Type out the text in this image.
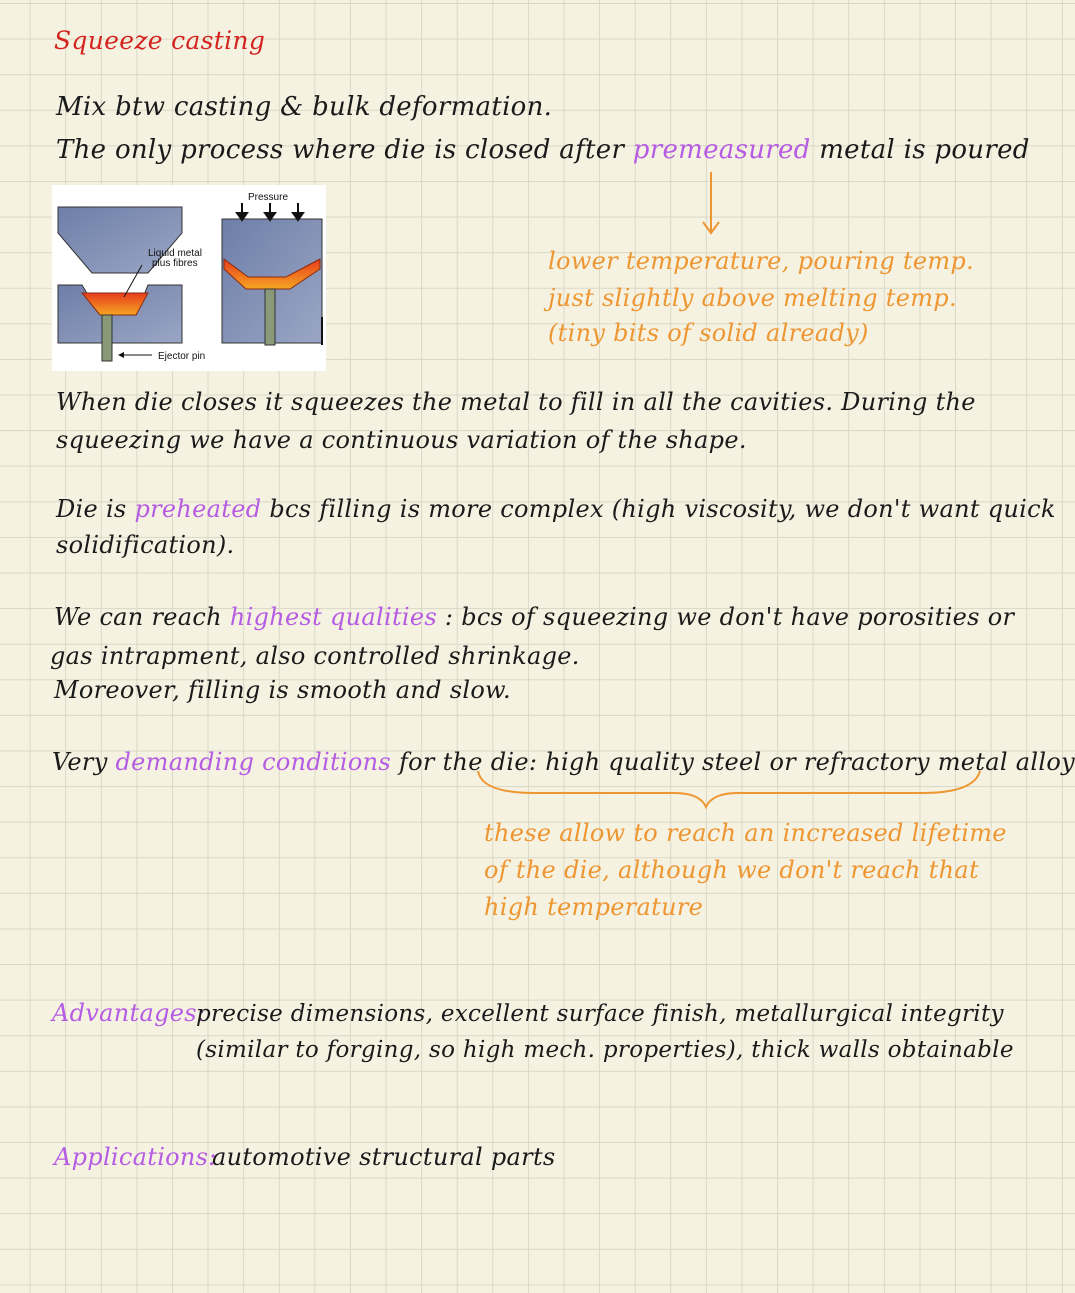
Squeeze casting
Mix btw casting & bulk deformation.
The only process where die is closed after premeasured metal is poured
Pressure
Liquid metal
plus fibres
Ejector pin
lower temperature, pouring temp.
just slightly above melting temp.
(tiny bits of solid already)
When die closes it squeezes the metal to fill in all the cavities. During the
squeezing we have a continuous variation of the shape.
Die is preheated bcs filling is more complex (high viscosity, we don't want quick
solidification).
We can reach highest qualities : bcs of squeezing we don't have porosities or
gas intrapment, also controlled shrinkage.
Moreover, filling is smooth and slow.
Very demanding conditions for the die: high quality steel or refractory metal alloy
these allow to reach an increased lifetime
of the die, although we don't reach that
high temperature
Advantages:
precise dimensions, excellent surface finish, metallurgical integrity
(similar to forging, so high mech. properties), thick walls obtainable
Applications:
automotive structural parts
